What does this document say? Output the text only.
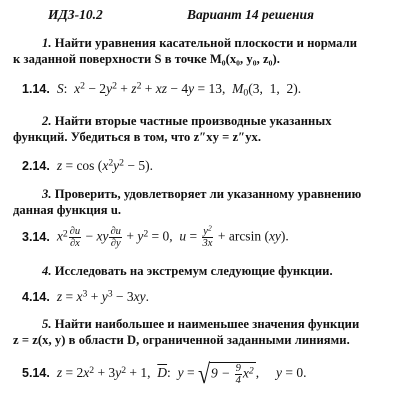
ИДЗ-10.2	Вариант 14 решения
1. Найти уравнения касательной плоскости и нормали
к заданной поверхности S в точке M₀(x₀, y₀, z₀).
1.14. S:  $x^2 - 2y^2 + z^2$ + xz − 4y = 13,  $M_0(3$,  1,  2).
2. Найти вторые частные производные указанных
функций. Убедиться в том, что z″xy = z″yx.
2.14. $z = \cos (x^2y^2 - 5)$.
3. Проверить, удовлетворяет ли указанному уравнению
данная функция u.
3.14. $x^2 \frac{\partial u}{\partial x}$ − xy $\frac{\partial u}{\partial y} + y^2 = 0$,  $u = \frac{y^2}{3x} + \arcsin (xy)$.
4. Исследовать на экстремум следующие функции.
4.14. $z = x^3 + y^3 - 3xy$.
5. Найти наибольшее и наименьшее значения функции
z = z(x, y) в области D, ограниченной заданными линиями.
5.14. $z = 2x^2 + 3y^2 + 1$,  $\overline{D}$:  $y = √9 - \frac{9}{4} x^2$ ,     y = 0.
